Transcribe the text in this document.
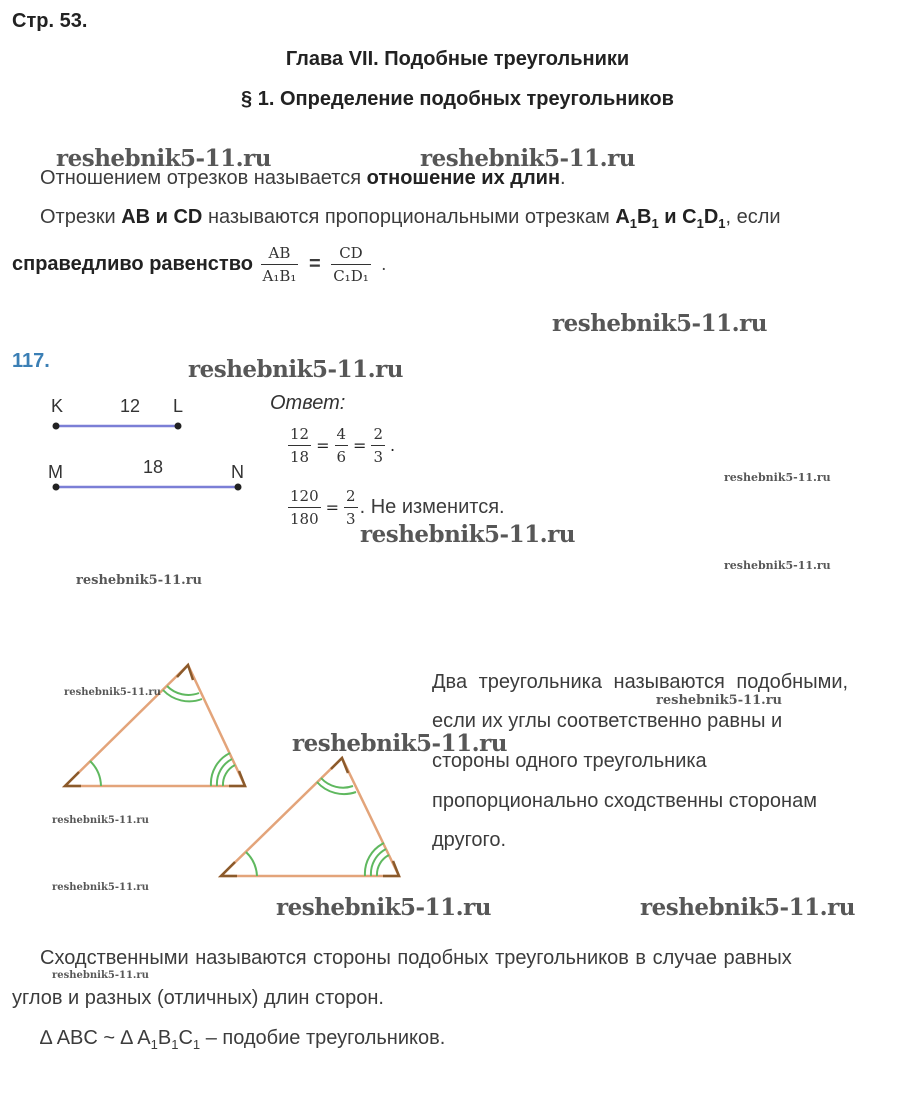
Стр. 53.
Глава VII. Подобные треугольники
§ 1. Определение подобных треугольников
Отношением отрезков называется отношение их длин.
Отрезки AB и CD называются пропорциональными отрезкам $A_1B_1$ и $C_1D_1$, если
справедливо равенство $\frac{AB}{\text{A₁B₁}} = \frac{CD}{\text{C₁D₁}}$ .
117.
K	12 L
M	18	N
Ответ:
$\frac{12}{18} = \frac{4}{6} = \frac{2}{3}$ .
$\frac{120}{180} = \frac{2}{3}$ . Не изменится.
Два треугольника называются подобными,
если их углы соответственно равны и
стороны одного треугольника
пропорционально сходственны сторонам
другого.
Сходственными называются стороны подобных треугольников в случае равных
углов и разных (отличных) длин сторон.
∆ ABC ~ ∆ $A_1B_1C_1$ – подобие треугольников.
reshebnik5-11.ru	reshebnik5-11.ru
reshebnik5-11.ru
reshebnik5-11.ru
reshebnik5-11.ru
reshebnik5-11.ru
reshebnik5-11.ru
reshebnik5-11.ru
reshebnik5-11.ru
reshebnik5-11.ru
reshebnik5-11.ru
reshebnik5-11.ru
reshebnik5-11.ru
reshebnik5-11.ru	reshebnik5-11.ru
reshebnik5-11.ru
